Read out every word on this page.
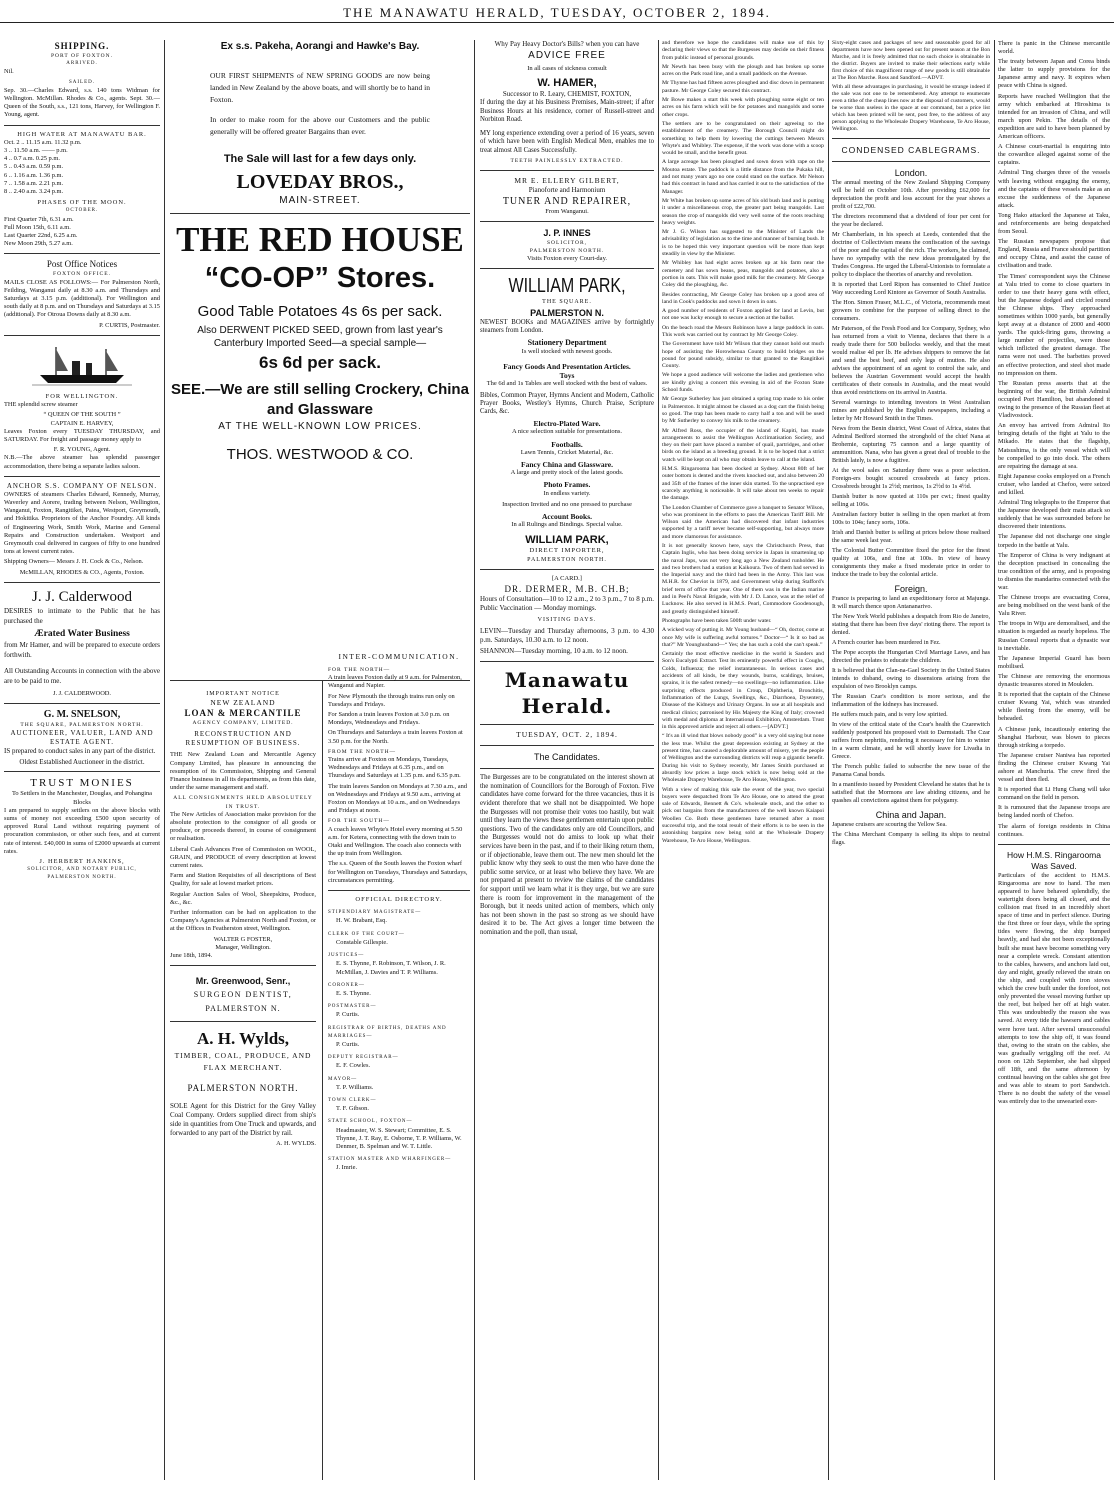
THE MANAWATU HERALD, TUESDAY, OCTOBER 2, 1894.
SHIPPING.
PORT OF FOXTON.
ARRIVED.

Nil.

SAILED.

Sep. 30.—Charles Edward, s.s. 140 tons Widman for Wellington. McMillan. Rhodes & Co., agents. Sept. 30.—Queen of the South, s.s., 121 tons, Harvey, for Wellington F. Young, agent.

HIGH WATER AT MANAWATU BAR.
Oct. 2 .. 11.15 a.m. 11.32 p.m.
3 .. 11.50 a.m. —— p.m.
4 .. 0.7 a.m. 0.25 p.m.
5 .. 0.43 a.m. 0.59 p.m.
6 .. 1.16 a.m. 1.36 p.m.
7 .. 1.58 a.m. 2.21 p.m.
8 .. 2.40 a.m. 3.24 p.m.
PHASES OF THE MOON.
OCTOBER.
First Quarter 7th, 6.31 a.m.
Full Moon 15th, 6.11 a.m.
Last Quarter 22nd, 6.25 a.m.
New Moon 29th, 5.27 a.m.
Post Office Notices
FOXTON OFFICE.

MAILS CLOSE AS FOLLOWS:— For Palmerston North, Feilding, Wanganui daily at 8.30 a.m. and Thursdays and Saturdays at 3.15 p.m. (additional). For Wellington and south daily at 8 p.m. and on Thursdays and Saturdays at 3.15 (additional). For Otroua Downs daily at 8.30 a.m.

P. CURTIS, Postmaster.
FOR WELLINGTON.

THE splendid screw steamer

“ QUEEN OF THE SOUTH ”
CAPTAIN E. HARVEY,

Leaves Foxton every TUESDAY THURSDAY, and SATURDAY. For freight and passage money apply to

F. R. YOUNG, Agent.

N.B.—The above steamer has splendid passenger accommodation, there being a separate ladies saloon.

ANCHOR S.S. COMPANY OF NELSON.

OWNERS of steamers Charles Edward, Kennedy, Murray, Waverley and Aorere, trading between Nelson, Wellington, Wanganui, Foxton, Rangitikei, Patea, Westport, Greymouth, and Hokitika. Proprietors of the Anchor Foundry. All kinds of Engineering Work, Smith Work, Marine and General Repairs and Construction undertaken. Westport and Greymouth coal delivered in cargoes of fifty to one hundred tons at lowest current rates.

Shipping Owners— Messrs J. H. Cock & Co., Nelson.

McMILLAN, RHODES & CO., Agents, Foxton.
J. J. Calderwood

DESIRES to intimate to the Public that he has purchased the

Ærated Water Business

from Mr Hamer, and will be prepared to execute orders forthwith.

All Outstanding Accounts in connection with the above are to be paid to me.

J. J. CALDERWOOD.
G. M. SNELSON,
THE SQUARE, PALMERSTON NORTH.
AUCTIONEER, VALUER, LAND AND ESTATE AGENT.

IS prepared to conduct sales in any part of the district.

Oldest Established Auctioneer in the district.
TRUST MONIES
To Settlers in the Manchester, Douglas, and Pohangina Blocks

I am prepared to supply settlers on the above blocks with sums of money not exceeding £500 upon security of approved Rural Land without requiring payment of procuration commission, or other such fees, and at current rate of interest. £40,000 in sums of £2000 upwards at current rates.

J. HERBERT HANKINS,
SOLICITOR, AND NOTARY PUBLIC,
PALMERSTON NORTH.
Ex s.s. Pakeha, Aorangi and Hawke's Bay.

OUR FIRST SHIPMENTS of NEW SPRING GOODS are now being landed in New Zealand by the above boats, and will shortly be to hand in Foxton.

In order to make room for the above our Customers and the public generally will be offered greater Bargains than ever.

The Sale will last for a few days only.
LOVEDAY BROS.,
MAIN-STREET.
THE RED HOUSE
“CO-OP” Stores.
Good Table Potatoes 4s 6s per sack.
Also DERWENT PICKED SEED, grown from last year's Canterbury Imported Seed—a special sample—
6s 6d per sack.
SEE.—We are still selling Crockery, China and Glassware
AT THE WELL-KNOWN LOW PRICES.
THOS. WESTWOOD & CO.
IMPORTANT NOTICE
NEW ZEALAND
LOAN & MERCANTILE
AGENCY COMPANY, LIMITED.
RECONSTRUCTION AND RESUMPTION OF BUSINESS.

THE New Zealand Loan and Mercantile Agency Company Limited, has pleasure in announcing the resumption of its Commission, Shipping and General Finance business in all its departments, as from this date, under the same management and staff.

ALL CONSIGNMENTS HELD ABSOLUTELY IN TRUST.

The New Articles of Association make provision for the absolute protection to the consignor of all goods or produce, or proceeds thereof, in course of consignment or realisation.

Liberal Cash Advances Free of Commission on WOOL, GRAIN, and PRODUCE of every description at lowest current rates.

Farm and Station Requisites of all descriptions of Best Quality, for sale at lowest market prices.

Regular Auction Sales of Wool, Sheepskins, Produce, &c., &c.

Further information can be had on application to the Company's Agencies at Palmerston North and Foxton, or at the Offices in Featherston street, Wellington.

WALTER G FOSTER,
Manager, Wellington.
June 18th, 1894.
Mr. Greenwood, Senr.,
SURGEON DENTIST,
PALMERSTON N.
A. H. Wylds,
TIMBER, COAL, PRODUCE, AND FLAX MERCHANT.
PALMERSTON NORTH.

SOLE Agent for this District for the Grey Valley Coal Company. Orders supplied direct from ship's side in quantities from One Truck and upwards, and forwarded to any part of the District by rail.

A. H. WYLDS.
INTER-COMMUNICATION.
FOR THE NORTH—

A train leaves Foxton daily at 9 a.m. for Palmerston, Wanganui and Napier.

For New Plymouth the through trains run only on Tuesdays and Fridays.

For Sandon a train leaves Foxton at 3.0 p.m. on Mondays, Wednesdays and Fridays.

On Thursdays and Saturdays a train leaves Foxton at 3.50 p.m. for the North.

FROM THE NORTH—

Trains arrive at Foxton on Mondays, Tuesdays, Wednesdays and Fridays at 6.35 p.m., and on Thursdays and Saturdays at 1.35 p.m. and 6.35 p.m.

The train leaves Sandon on Mondays at 7.30 a.m., and on Wednesdays and Fridays at 9.50 a.m., arriving at Foxton on Mondays at 10 a.m., and on Wednesdays and Fridays at noon.

FOR THE SOUTH—

A coach leaves Whyte's Hotel every morning at 5.50 a.m. for Ketera, connecting with the down train to Otaki and Wellington. The coach also connects with the up train from Wellington.

The s.s. Queen of the South leaves the Foxton wharf for Wellington on Tuesdays, Thursdays and Saturdays, circumstances permitting.

OFFICIAL DIRECTORY.
STIPENDIARY MAGISTRATE—
H. W. Brabant, Esq.
CLERK OF THE COURT—
Constable Gillespie.
JUSTICES—
E. S. Thynne, F. Robinson, T. Wilson, J. R. McMillan, J. Davies and T. P. Williams.
CORONER—
E. S. Thynne.
POSTMASTER—
P. Curtis.
REGISTRAR OF BIRTHS, DEATHS AND MARRIAGES—
P. Curtis.
DEPUTY REGISTRAR—
E. F. Cowles.
MAYOR—
T. P. Williams.
TOWN CLERK—
T. F. Gibson.
STATE SCHOOL, FOXTON—
Headmaster, W. S. Stewart; Committee, E. S. Thynne, J. T. Ray, E. Osborne, T. P. Williams, W. Denmer, B. Spelman and W. T. Little.
STATION MASTER AND WHARFINGER—
J. Imrie.
Why Pay Heavy Doctor's Bills? when you can have
ADVICE FREE
In all cases of sickness consult
W. HAMER,
Successor to R. Leary, CHEMIST, FOXTON,

If during the day at his Business Premises, Main-street; if after Business Hours at his residence, corner of Russell-street and Norbiton Road.

MY long experience extending over a period of 16 years, seven of which have been with English Medical Men, enables me to treat almost All Cases Successfully.

TEETH PAINLESSLY EXTRACTED.
MR E. ELLERY GILBERT,
Pianoforte and Harmonium
TUNER AND REPAIRER,
From Wanganui.
J. P. INNES
SOLICITOR,
PALMERSTON NORTH.
Visits Foxton every Court-day.
WILLIAM PARK,
THE SQUARE.
PALMERSTON N.

NEWEST BOOKs and MAGAZINES arrive by fortnightly steamers from London.

Stationery Department
Is well stocked with newest goods.
Fancy Goods And Presentation Articles.
Toys
The 6d and 1s Tables are well stocked with the best of values.

Bibles, Common Prayer, Hymns Ancient and Modern, Catholic Prayer Books, Westley's Hymns, Church Praise, Scripture Cards, &c.

Electro-Plated Ware.
A nice selection suitable for presentations.
Footballs.
Lawn Tennis, Cricket Material, &c.
Fancy China and Glassware.
A large and pretty stock of the latest goods.
Photo Frames.
In endless variety.
Inspection Invited and no one pressed to purchase
Account Books.
In all Rulings and Bindings. Special value.
WILLIAM PARK,
DIRECT IMPORTER,
PALMERSTON NORTH.
[A CARD.]
DR. DERMER, M.B. CH.B;

Hours of Consultation—10 to 12 a.m., 2 to 3 p.m., 7 to 8 p.m. Public Vaccination — Monday mornings.

VISITING DAYS.

LEVIN—Tuesday and Thursday afternoons, 3 p.m. to 4.30 p.m. Saturdays, 10.30 a.m. to 12 noon.

SHANNON—Tuesday morning, 10 a.m. to 12 noon.

Manawatu Herald.
TUESDAY, OCT. 2, 1894.
The Candidates.

The Burgesses are to be congratulated on the interest shown at the nomination of Councillors for the Borough of Foxton. Five candidates have come forward for the three vacancies, thus it is evident therefore that we shall not be disappointed. We hope the Burgesses will not promise their votes too hastily, but wait until they learn the views these gentlemen entertain upon public questions. Two of the candidates only are old Councillors, and the Burgesses would not do amiss to look up what their services have been in the past, and if to their liking return them, or if objectionable, leave them out. The new men should let the public know why they seek to oust the men who have done the public some service, or at least who believe they have. We are not prepared at present to review the claims of the candidates for support until we learn what it is they urge, but we are sure there is room for improvement in the management of the Borough, but it needs united action of members, which only has not been shown in the past so strong as we should have desired it to be. The Act gives a longer time between the nomination and the poll, than usual,

and therefore we hope the candidates will make use of this by declaring their views so that the Burgesses may decide on their fitness from public instead of personal grounds.

Mr Newth has been busy with the plough and has broken up some acres on the Park road line, and a small paddock on the Avenue.

Mr Thynne has had fifteen acres ploughed and disc down in permanent pasture. Mr George Coley secured this contract.

Mr Bowe makes a start this week with ploughing some eight or ten acres on his farm which will be for potatoes and mangolds and some other crops.

The settlers are to be congratulated on their agreeing to the establishment of the creamery. The Borough Council might do something to help them by lowering the cuttings between Messrs Whyte's and Whibley. The expense, if the work was done with a scoop would be small, and the benefit great.

A large acreage has been ploughed and sown down with rape on the Moutoa estate. The paddock is a little distance from the Pukaka hill, and not many years ago no one could stand on the surface. Mr Nelson had this contract in hand and has carried it out to the satisfaction of the Manager.

Mr White has broken up some acres of his old bush land and is putting it under a miscellaneous crop, the greater part being mangolds. Last season the crop of mangolds did very well some of the roots reaching heavy weights.

Mr J. G. Wilson has suggested to the Minister of Lands the advisability of legislation as to the time and manner of burning bush. It is to be hoped this very important question will be more than kept steadily in view by the Minister.

Mr Whibley has had eight acres broken up at his farm near the cemetery and has sown beans, peas, mangolds and potatoes, also a portion in oats. This will make good milk for the creamery. Mr George Coley did the ploughing, &c.

Besides contracting, Mr George Coley has broken up a good area of land in Cook's paddocks and sown it down in oats.

A good number of residents of Foxton applied for land at Levin, but not one was lucky enough to secure a section at the ballot.

On the beach road the Messrs Robinson have a large paddock in oats. This work was carried out by contract by Mr George Coley.

The Government have told Mr Wilson that they cannot hold out much hope of assisting the Horowhenua County to build bridges on the pound for pound subsidy, similar to that granted to the Rangitikei County.

We hope a good audience will welcome the ladies and gentlemen who are kindly giving a concert this evening in aid of the Foxton State School funds.

Mr George Sutherley has just obtained a spring trap made to his order in Palmerston. It might almost be classed as a dog cart the finish being so good. The trap has been made to carry half a ton and will be used by Mr Sutherley to convey his milk to the creamery.

Mr Alfred Ross, the occupier of the island of Kapiti, has made arrangements to assist the Wellington Acclimatisation Society, and they on their part have placed a number of quail, partridges, and other birds on the island as a breeding ground. It is to be hoped that a strict watch will be kept on all who may obtain leave to call at the island.

H.M.S. Ringarooma has been docked at Sydney. About 80ft of her outer bottom is dented and the rivets knocked out, and also between 20 and 35ft of the frames of the inner skin started. To the unpractised eye scarcely anything is noticeable. It will take about ten weeks to repair the damage.

The London Chamber of Commerce gave a banquet to Senator Wilson, who was prominent in the efforts to pass the American Tariff Bill. Mr Wilson said the American had discovered that infant industries supported by a tariff never became self-supporting, but always more and more clamorous for assistance.

It is not generally known here, says the Christchurch Press, that Captain Inglis, who has been doing service in Japan in smartening up the naval Japs, was not very long ago a New Zealand runholder. He and two brothers had a station at Kaikoura. Two of them had served in the Imperial navy and the third had been in the Army. This last was M.H.R. for Cheviot in 1879, and Government whip during Stafford's brief term of office that year. One of them was in the Indian marine and in Peel's Naval Brigade, with Mr J. D. Lance, was at the relief of Lucknow. He also served in H.M.S. Pearl, Commodore Goodenough, and greatly distinguished himself.

Photographs have been taken 500ft under water.

A wicked way of putting it. Mr Young husband—“ Oh, doctor, come at once My wife is suffering awful tortures.” Doctor—“ Is it so bad as that?” Mr Younghusband—“ Yes; she has such a cold she can't speak.”

Certainly the most effective medicine in the world is Sanders and Son's Eucalypti Extract. Test its eminently powerful effect in Coughs, Colds, Influenza; the relief instantaneous. In serious cases and accidents of all kinds, be they wounds, burns, scaldings, bruises, sprains, it is the safest remedy—no swellings—no inflammation. Like surprising effects produced in Croup, Diphtheria, Bronchitis, Inflammation of the Lungs, Swellings, &c., Diarrhoea, Dysentery, Disease of the Kidneys and Urinary Organs. In use at all hospitals and medical clinics; patronised by His Majesty the King of Italy; crowned with medal and diploma at International Exhibition, Amsterdam. Trust in this approved article and reject all others.—[ADVT.]

“ It's an ill wind that blows nobody good” is a very old saying but none the less true. Whilst the great depression existing at Sydney at the present time, has caused a deplorable amount of misery, yet the people of Wellington and the surrounding districts will reap a gigantic benefit. During his visit to Sydney recently, Mr James Smith purchased at absurdly low prices a large stock which is now being sold at the Wholesale Drapery Warehouse, Te Aro House, Wellington.

With a view of making this sale the event of the year, two special buyers were despatched from Te Aro House, one to attend the great sale of Edwards, Bennett & Co's. wholesale stock, and the other to pick out bargains from the manufacturers of the well known Kaiapoi Woollen Co. Both these gentlemen have returned after a most successful trip, and the total result of their efforts is to be seen in the astonishing bargains now being sold at the Wholesale Drapery Warehouse, Te Aro House, Wellington.

Sixty-eight cases and packages of new and seasonable good for all departments have now been opened out for present season at the Bon Marche, and it is freely admitted that no such choice is obtainable in the district. Buyers are invited to make their selections early while first choice of this magnificent range of new goods is still obtainable at The Bon Marche. Ross and Sandford.—ADVT.

With all these advantages in purchasing, it would be strange indeed if the sale was not one to be remembered. Any attempt to enumerate even a tithe of the cheap lines now at the disposal of customers, would be worse than useless in the space at our command, but a price list which has been printed will be sent, post free, to the address of any person applying to the Wholesale Drapery Warehouse, Te Aro House, Wellington.

CONDENSED CABLEGRAMS.
London.

The annual meeting of the New Zealand Shipping Company will be held on October 10th. After providing £62,000 for depreciation the profit and loss account for the year shows a profit of £22,700.

The directors recommend that a dividend of four per cent for the year be declared.

Mr Chamberlain, in his speech at Leeds, contended that the doctrine of Collectivism means the confiscation of the savings of the poor and the capital of the rich. The workers, he claimed, have no sympathy with the new ideas promulgated by the Trades Congress. He urged the Liberal-Unionists to formulate a policy to displace the theories of anarchy and revolution.

It is reported that Lord Ripon has consented to Chief Justice Way succeeding Lord Kintore as Governor of South Australia.

The Hon. Simon Fraser, M.L.C., of Victoria, recommends meat growers to combine for the purpose of selling direct to the consumers.

Mr Paterson, of the Fresh Food and Ice Company, Sydney, who has returned from a visit to Vienna, declares that there is a ready trade there for 500 bullocks weekly, and that the meat would realise 4d per lb. He advises shippers to remove the fat and send the best beef, and only legs of mutton. He also advises the appointment of an agent to control the sale, and believes the Austrian Government would accept the health certificates of their consuls in Australia, and the meat would thus avoid restrictions on its arrival in Austria.

Several warnings to intending investors in West Australian mines are published by the English newspapers, including a letter by Mr Howard Smith in the Times.

News from the Benin district, West Coast of Africa, states that Admiral Bedford stormed the stronghold of the chief Nana at Brohemie, capturing 75 cannon and a large quantity of ammunition. Nana, who has given a great deal of trouble to the British lately, is now a fugitive.

At the wool sales on Saturday there was a poor selection. Foreign-ers bought scoured crossbreds at fancy prices. Crossbreds brought 1s 2½d; merinos, 1s 2½d to 1s 4½d.

Danish butter is now quoted at 110s per cwt.; finest quality selling at 106s.

Australian factory butter is selling in the open market at from 100s to 104s; fancy sorts, 106s.

Irish and Danish butter is selling at prices below those realised the same week last year.

The Colonial Butter Committee fixed the price for the finest quality at 106s, and fine at 100s. In view of heavy consignments they make a fixed moderate price in order to induce the trade to buy the colonial article.

Foreign.

France is preparing to land an expeditionary force at Majunga. It will march thence upon Antananarivo.

The New York World publishes a despatch from Rio de Janeiro, stating that there has been five days' rioting there. The report is denied.

A French courier has been murdered in Fez.

The Pope accepts the Hungarian Civil Marriage Laws, and has directed the prelates to educate the children.

It is believed that the Clan-na-Gael Society in the United States intends to disband, owing to dissensions arising from the expulsion of two Brooklyn camps.

The Russian Czar's condition is more serious, and the inflammation of the kidneys has increased.

He suffers much pain, and is very low spirited.

In view of the critical state of the Czar's health the Czarewitch suddenly postponed his proposed visit to Darmstadt. The Czar suffers from nephritis, rendering it necessary for him to winter in a warm climate, and he will shortly leave for Livadia in Greece.

The French public failed to subscribe the new issue of the Panama Canal bonds.

In a manifesto issued by President Cleveland he states that he is satisfied that the Mormons are law abiding citizens, and he quashes all convictions against them for polygamy.

China and Japan.

Japanese cruisers are scouring the Yellow Sea.

The China Merchant Company is selling its ships to neutral flags.

There is panic in the Chinese mercantile world.

The treaty between Japan and Corea binds the latter to supply provisions for the Japanese army and navy. It expires when peace with China is signed.

Reports have reached Wellington that the army which embarked at Hiroshima is intended for an invasion of China, and will march upon Pekin. The details of the expedition are said to have been planned by American officers.

A Chinese court-martial is enquiring into the cowardice alleged against some of the captains.

Admiral Ting charges three of the vessels with leaving without engaging the enemy, and the captains of these vessels make as an excuse the suddenness of the Japanese attack.

Tong Hako attacked the Japanese at Taku, and reinforcements are being despatched from Seoul.

The Russian newspapers propose that England, Russia and France should partition and occupy China, and assist the cause of civilisation and trade.

The Times' correspondent says the Chinese at Yalu tried to come to close quarters in order to use their heavy guns with effect, but the Japanese dodged and circled round the Chinese ships. They approached sometimes within 1000 yards, but generally kept away at a distance of 2000 and 4000 yards. The quick-firing guns, throwing a large number of projectiles, were those which inflicted the greatest damage. The rams were not used. The barbettes proved an effective protection, and steel shot made no impression on them.

The Russian press asserts that at the beginning of the war, the British Admiral occupied Port Hamilton, but abandoned it owing to the presence of the Russian fleet at Vladivostock.

An envoy has arrived from Admiral Ito bringing details of the fight at Yalu to the Mikado. He states that the flagship, Matsushima, is the only vessel which will be compelled to go into dock. The others are repairing the damage at sea.

Eight Japanese cooks employed on a French cruiser, who landed at Chefoo, were seized and killed.

Admiral Ting telegraphs to the Emperor that the Japanese developed their main attack so suddenly that he was surrounded before he discovered their intentions.

The Japanese did not discharge one single torpedo in the battle at Yalu.

The Emperor of China is very indignant at the deception practised in concealing the true condition of the army, and is proposing to dismiss the mandarins connected with the war.

The Chinese troops are evacuating Corea, are being mobilised on the west bank of the Yalu River.

The troops in Wiju are demoralised, and the situation is regarded as nearly hopeless. The Russian Consul reports that a dynastic war is inevitable.

The Japanese Imperial Guard has been mobilised.

The Chinese are removing the enormous dynastic treasures stored in Moukden.

It is reported that the captain of the Chinese cruiser Kwang Yai, which was stranded while fleeing from the enemy, will be beheaded.

A Chinese junk, incautiously entering the Shanghai Harbour, was blown to pieces through striking a torpedo.

The Japanese cruiser Naniwa has reported finding the Chinese cruiser Kwang Yai ashore at Manchuria. The crew fired the vessel and then fled.

It is reported that Li Hung Chang will take command on the field in person.

It is rumoured that the Japanese troops are being landed north of Chefoo.

The alarm of foreign residents in China continues.

How H.M.S. Ringarooma Was Saved.

Particulars of the accident to H.M.S. Ringarooma are now to hand. The men appeared to have behaved splendidly, the watertight doors being all closed, and the collision mat fixed in an incredibly short space of time and in perfect silence. During the first three or four days, while the spring tides were flowing, the ship bumped heavily, and had she not been exceptionally built she must have become something very near a complete wreck. Constant attention to the cables, hawsers, and anchors laid out, day and night, greatly relieved the strain on the ship, and coupled with iron stoves which the crew built under the forefoot, not only prevented the vessel moving further up the reef, but helped her off at high water. This was undoubtedly the reason she was saved. At every tide the hawsers and cables were hove taut. After several unsuccessful attempts to tow the ship off, it was found that, owing to the strain on the cables, she was gradually wriggling off the reef. At noon on 12th September, she had slipped off 18ft, and the same afternoon by continual heaving on the cables she got free and was able to steam to port Sandwich. There is no doubt the safety of the vessel was entirely due to the unwearied exer-
